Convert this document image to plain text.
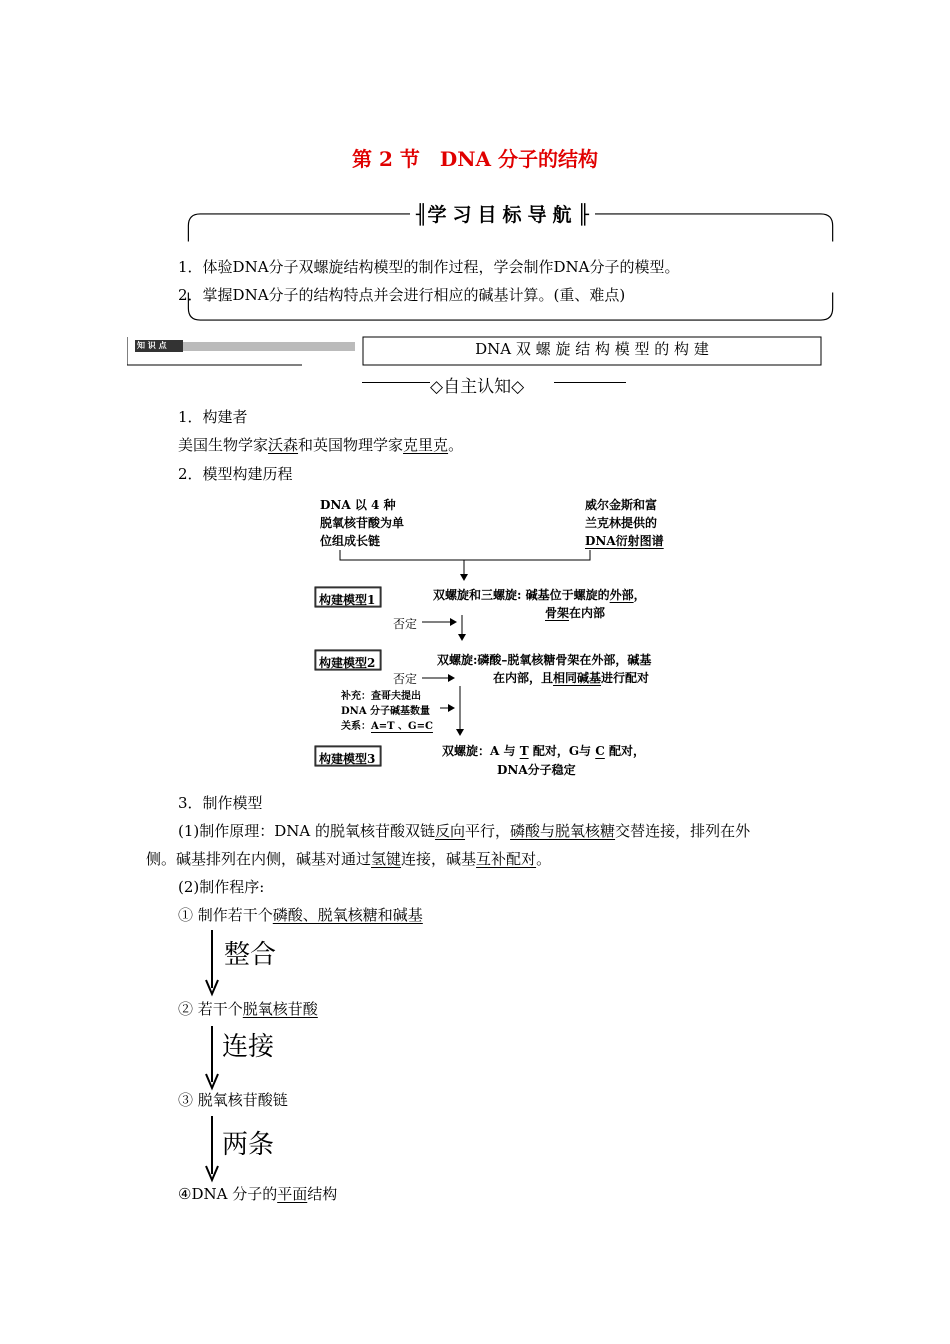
第 2 节　DNA 分子的结构
╢学习目标导航╟
1．体验DNA分子双螺旋结构模型的制作过程，学会制作DNA分子的模型。
2．掌握DNA分子的结构特点并会进行相应的碱基计算。(重、难点)
知 识 点	DNA 双 螺 旋 结 构 模 型 的 构 建
◇自主认知◇
1．构建者
美国生物学家沃森和英国物理学家克里克。
2．模型构建历程
DNA 以 4 种
脱氧核苷酸为单
位组成长链
威尔金斯和富
兰克林提供的
DNA衍射图谱
构建模型1
构建模型2
构建模型3
双螺旋和三螺旋: 碱基位于螺旋的外部，
骨架在内部
否定
双螺旋:磷酸–脱氧核糖骨架在外部，碱基
在内部，且相同碱基进行配对
否定
补充：查哥夫提出
DNA 分子碱基数量
关系：A=T 、G=C
双螺旋：A 与 T 配对，G与 C 配对，
DNA分子稳定
3．制作模型
(1)制作原理：DNA 的脱氧核苷酸双链反向平行，磷酸与脱氧核糖交替连接，排列在外
侧。碱基排列在内侧，碱基对通过氢键连接，碱基互补配对。
(2)制作程序:
① 制作若干个磷酸、脱氧核糖和碱基
整合
② 若干个脱氧核苷酸
连接
③ 脱氧核苷酸链
两条
④DNA 分子的平面结构
